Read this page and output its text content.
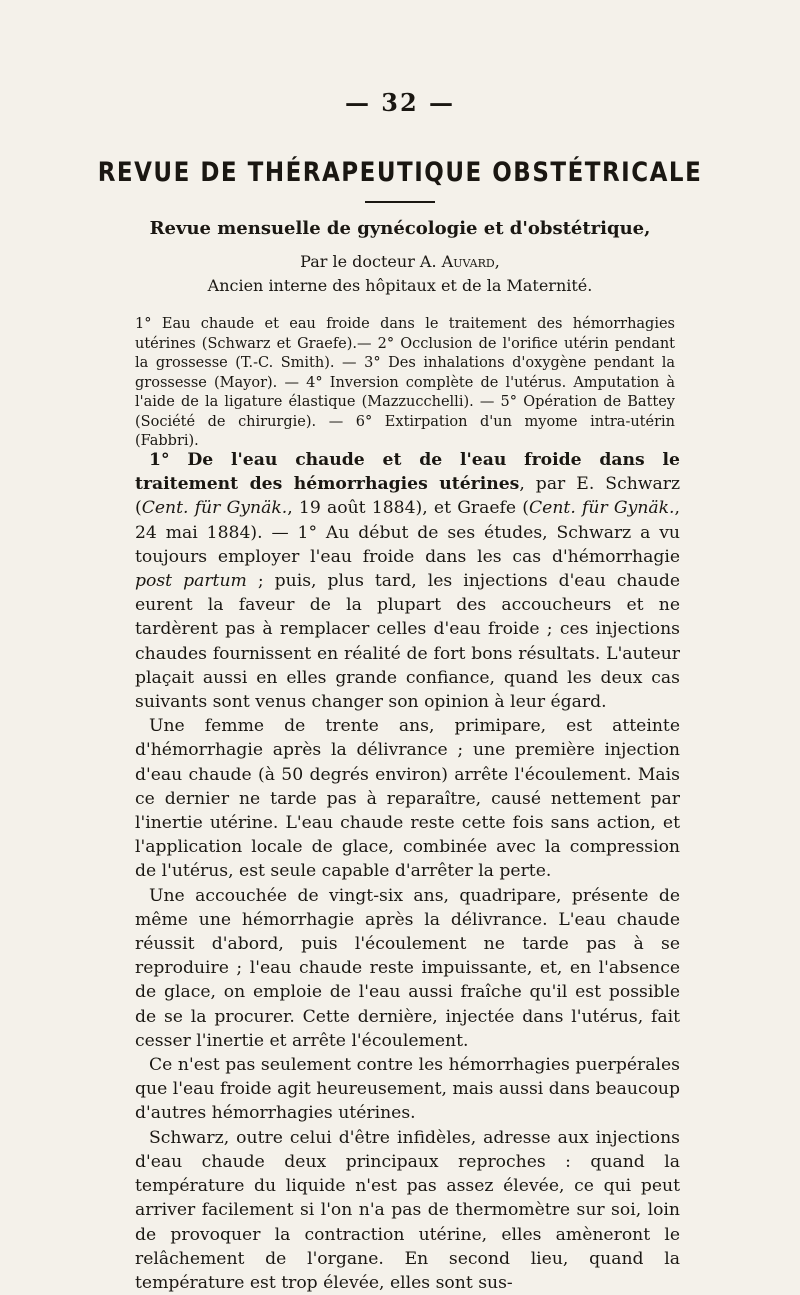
— 32 —
REVUE DE THÉRAPEUTIQUE OBSTÉTRICALE
Revue mensuelle de gynécologie et d'obstétrique,
Par le docteur A. Auvard,
Ancien interne des hôpitaux et de la Maternité.
1° Eau chaude et eau froide dans le traitement des hémorrhagies utérines (Schwarz et Graefe).— 2° Occlusion de l'orifice utérin pendant la grossesse (T.-C. Smith). — 3° Des inhalations d'oxygène pendant la grossesse (Mayor). — 4° Inversion complète de l'utérus. Amputation à l'aide de la ligature élastique (Mazzucchelli). — 5° Opération de Battey (Société de chirurgie). — 6° Extirpation d'un myome intra-utérin (Fabbri).

1° De l'eau chaude et de l'eau froide dans le traitement des hémorrhagies utérines, par E. Schwarz (Cent. für Gynäk., 19 août 1884), et Graefe (Cent. für Gynäk., 24 mai 1884). — 1° Au début de ses études, Schwarz a vu toujours employer l'eau froide dans les cas d'hémorrhagie post partum ; puis, plus tard, les injections d'eau chaude eurent la faveur de la plupart des accoucheurs et ne tardèrent pas à remplacer celles d'eau froide ; ces injections chaudes fournissent en réalité de fort bons résultats. L'auteur plaçait aussi en elles grande confiance, quand les deux cas suivants sont venus changer son opinion à leur égard.

Une femme de trente ans, primipare, est atteinte d'hémorrhagie après la délivrance ; une première injection d'eau chaude (à 50 degrés environ) arrête l'écoulement. Mais ce dernier ne tarde pas à reparaître, causé nettement par l'inertie utérine. L'eau chaude reste cette fois sans action, et l'application locale de glace, combinée avec la compression de l'utérus, est seule capable d'arrêter la perte.

Une accouchée de vingt-six ans, quadripare, présente de même une hémorrhagie après la délivrance. L'eau chaude réussit d'abord, puis l'écoulement ne tarde pas à se reproduire ; l'eau chaude reste impuissante, et, en l'absence de glace, on emploie de l'eau aussi fraîche qu'il est possible de se la procurer. Cette dernière, injectée dans l'utérus, fait cesser l'inertie et arrête l'écoulement.

Ce n'est pas seulement contre les hémorrhagies puerpérales que l'eau froide agit heureusement, mais aussi dans beaucoup d'autres hémorrhagies utérines.

Schwarz, outre celui d'être infidèles, adresse aux injections d'eau chaude deux principaux reproches : quand la température du liquide n'est pas assez élevée, ce qui peut arriver facilement si l'on n'a pas de thermomètre sur soi, loin de provoquer la contraction utérine, elles amèneront le relâchement de l'organe. En second lieu, quand la température est trop élevée, elles sont sus-
